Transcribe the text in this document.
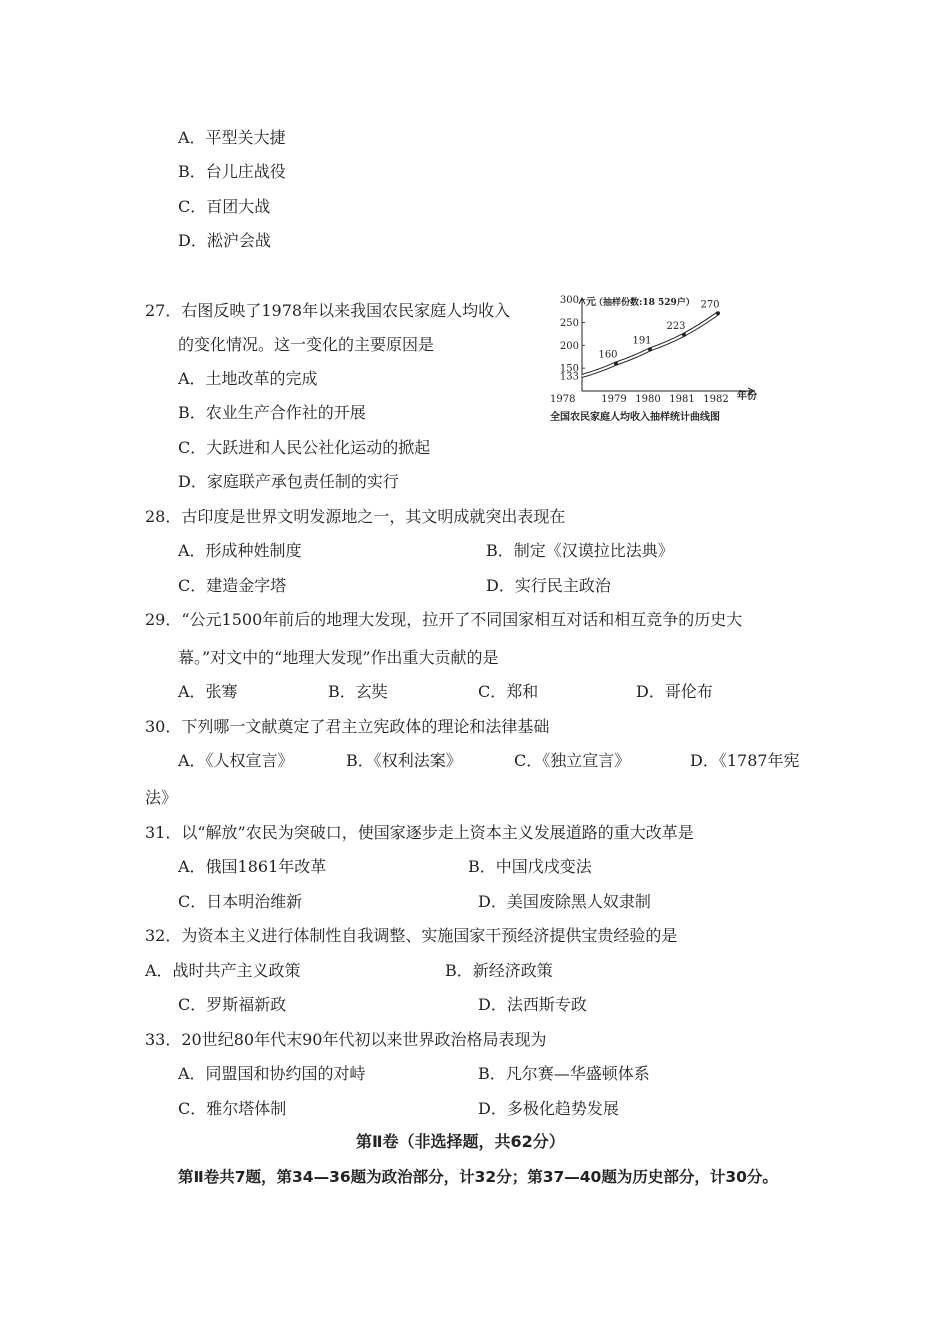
A．平型关大捷
B．台儿庄战役
C．百团大战
D．淞沪会战
27．右图反映了1978年以来我国农民家庭人均收入
的变化情况。这一变化的主要原因是
A．土地改革的完成
B．农业生产合作社的开展
C．大跃进和人民公社化运动的掀起
D．家庭联产承包责任制的实行
元
（抽样份数:18 529户）
年份
全国农民家庭人均收入抽样统计曲线图
300
250
200
150
133
1978	1979 1980 1981 1982
160
191
223
270
28．古印度是世界文明发源地之一，其文明成就突出表现在
A．形成种姓制度	B．制定《汉谟拉比法典》
C．建造金字塔	D．实行民主政治
29．“公元1500年前后的地理大发现，拉开了不同国家相互对话和相互竞争的历史大
幕。”对文中的“地理大发现”作出重大贡献的是
A．张骞	B．玄奘	C．郑和	D．哥伦布
30．下列哪一文献奠定了君主立宪政体的理论和法律基础
A．《人权宣言》	B．《权利法案》	C．《独立宣言》	D．《1787年宪
法》
31．以“解放”农民为突破口，使国家逐步走上资本主义发展道路的重大改革是
A．俄国1861年改革	B．中国戊戌变法
C．日本明治维新	D．美国废除黑人奴隶制
32．为资本主义进行体制性自我调整、实施国家干预经济提供宝贵经验的是
A．战时共产主义政策	B．新经济政策
C．罗斯福新政	D．法西斯专政
33．20世纪80年代末90年代初以来世界政治格局表现为
A．同盟国和协约国的对峙	B．凡尔赛—华盛顿体系
C．雅尔塔体制	D．多极化趋势发展
第Ⅱ卷（非选择题，共62分）
第Ⅱ卷共7题，第34—36题为政治部分，计32分；第37—40题为历史部分，计30分。
